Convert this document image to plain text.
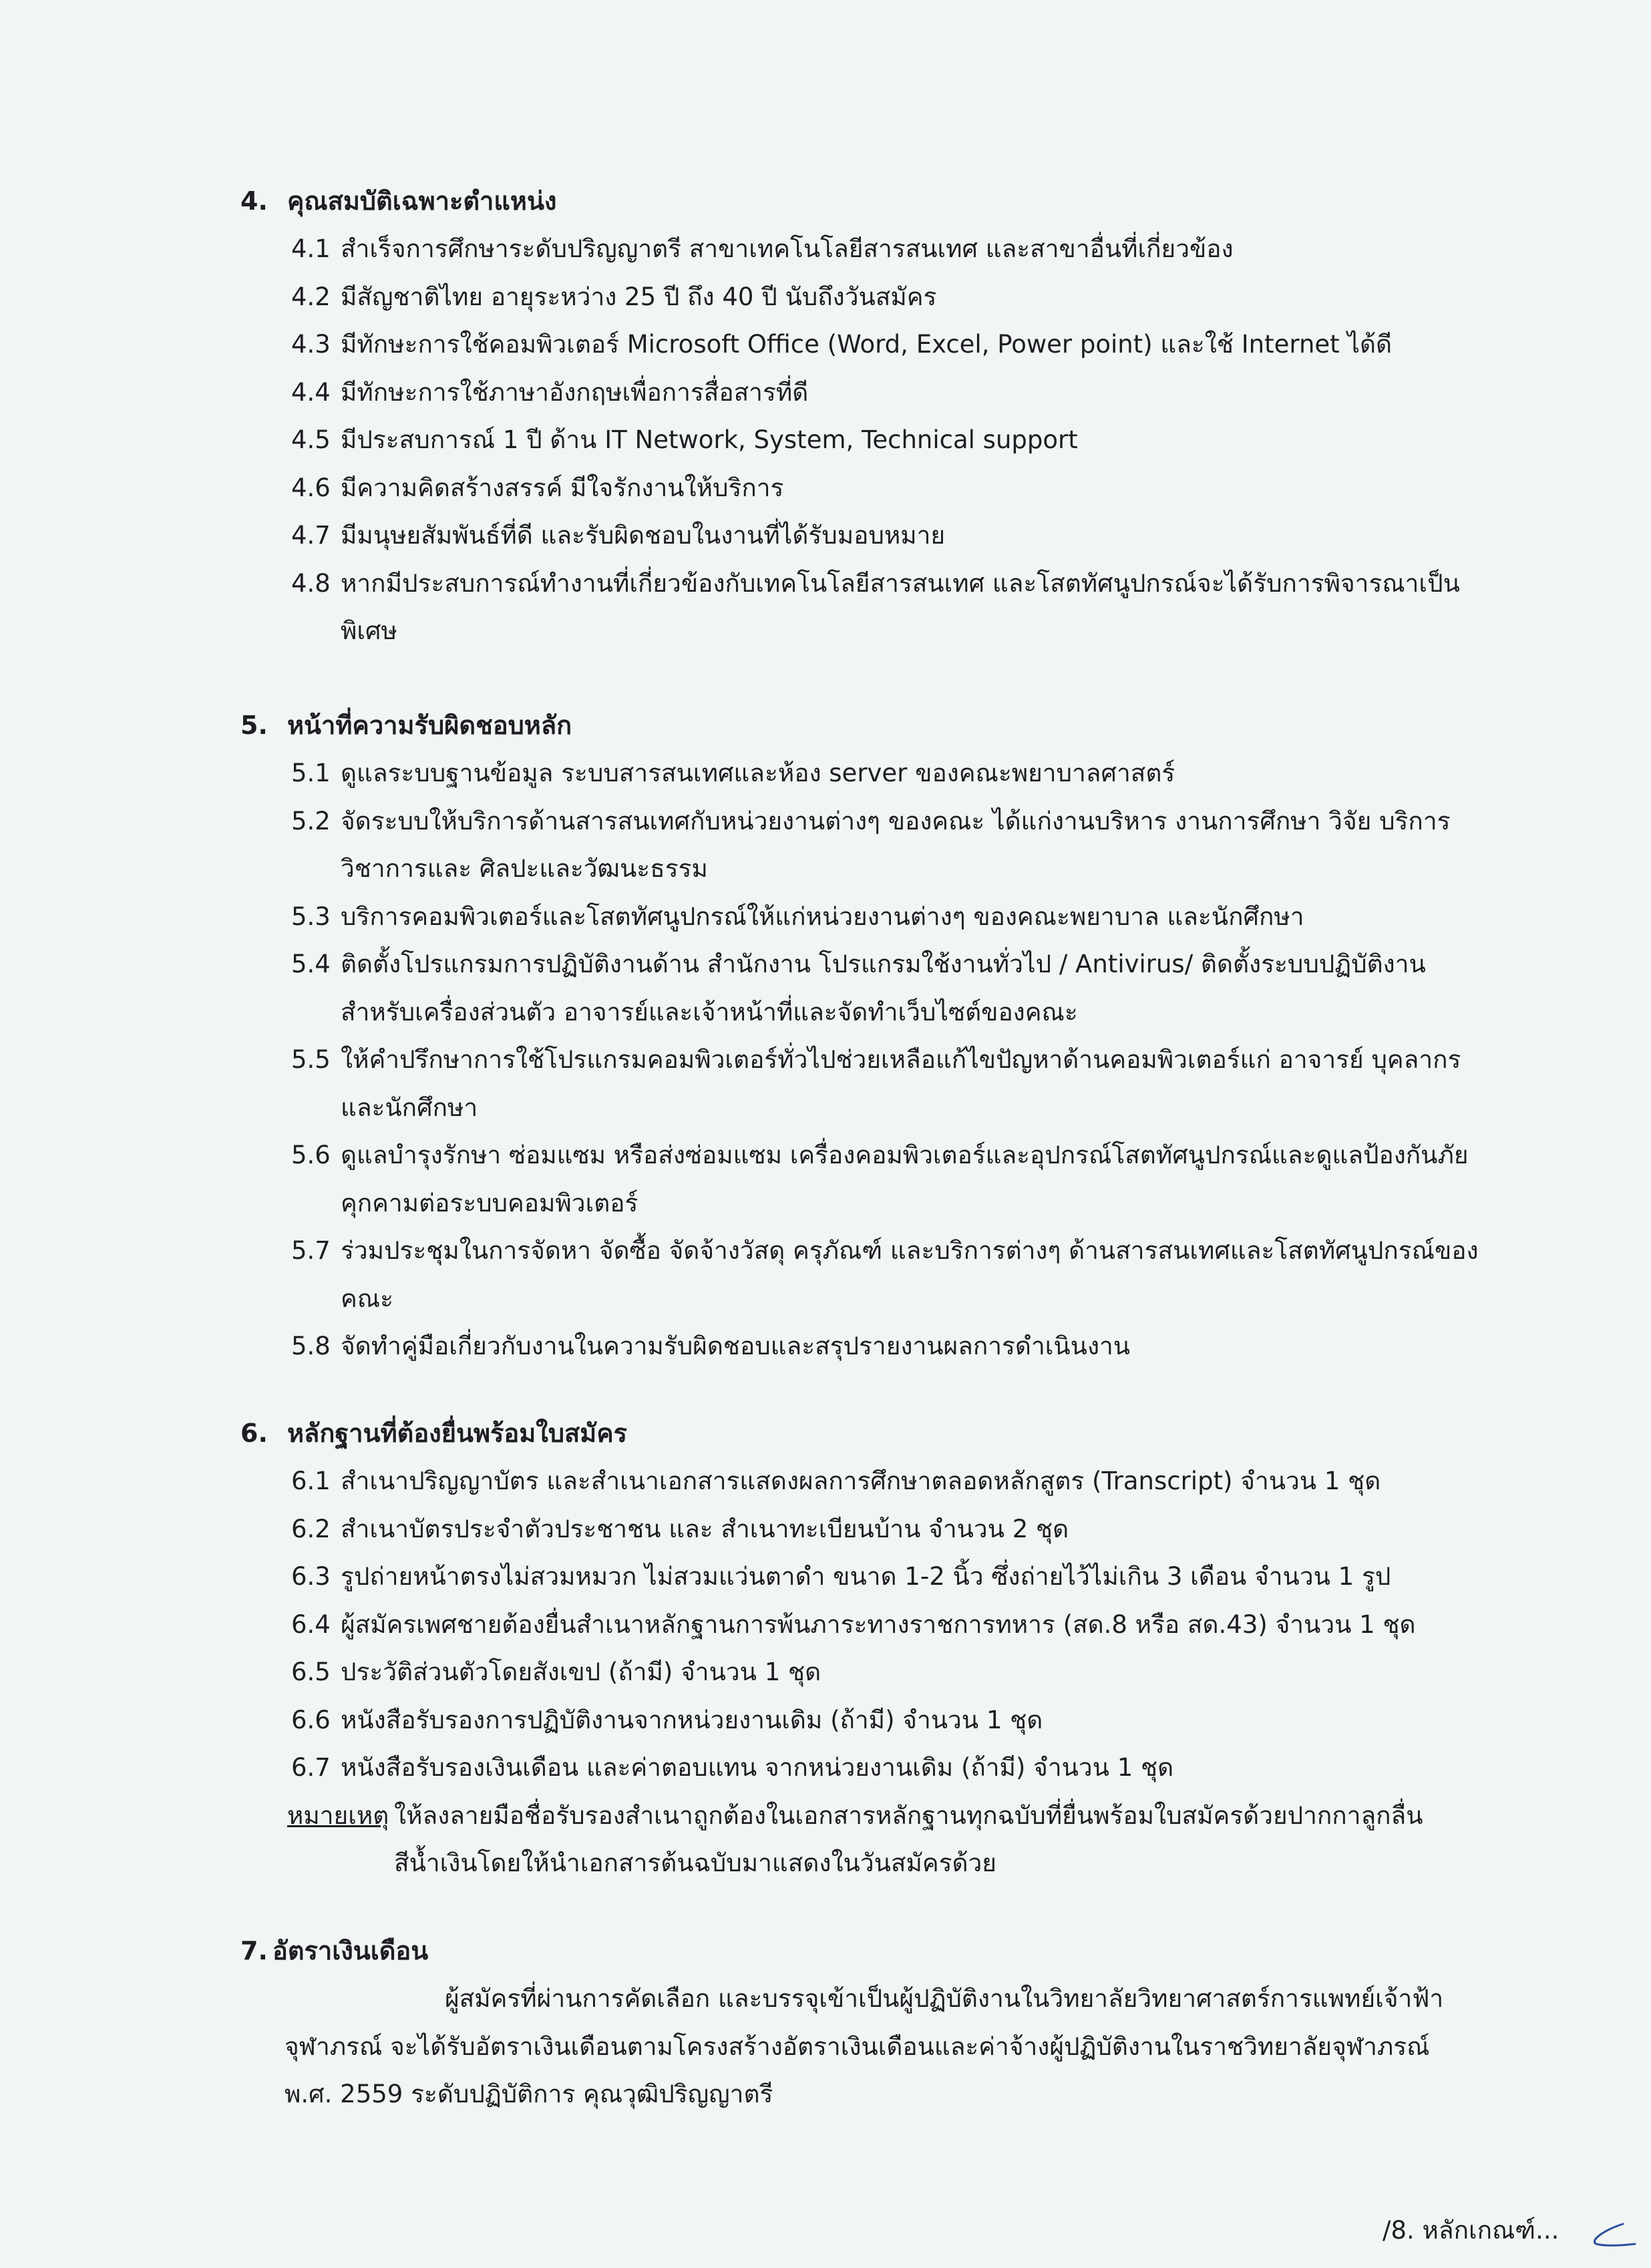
4. คุณสมบัติเฉพาะตำแหน่ง
4.1 สำเร็จการศึกษาระดับปริญญาตรี สาขาเทคโนโลยีสารสนเทศ และสาขาอื่นที่เกี่ยวข้อง
4.2 มีสัญชาติไทย อายุระหว่าง 25 ปี ถึง 40 ปี นับถึงวันสมัคร
4.3 มีทักษะการใช้คอมพิวเตอร์ Microsoft Office (Word, Excel, Power point) และใช้ Internet ได้ดี
4.4 มีทักษะการใช้ภาษาอังกฤษเพื่อการสื่อสารที่ดี
4.5 มีประสบการณ์ 1 ปี ด้าน IT Network, System, Technical support
4.6 มีความคิดสร้างสรรค์ มีใจรักงานให้บริการ
4.7 มีมนุษยสัมพันธ์ที่ดี และรับผิดชอบในงานที่ได้รับมอบหมาย
4.8 หากมีประสบการณ์ทำงานที่เกี่ยวข้องกับเทคโนโลยีสารสนเทศ และโสตทัศนูปกรณ์จะได้รับการพิจารณาเป็นพิเศษ
5. หน้าที่ความรับผิดชอบหลัก
5.1 ดูแลระบบฐานข้อมูล ระบบสารสนเทศและห้อง server ของคณะพยาบาลศาสตร์
5.2 จัดระบบให้บริการด้านสารสนเทศกับหน่วยงานต่างๆ ของคณะ ได้แก่งานบริหาร งานการศึกษา วิจัย บริการวิชาการและ ศิลปะและวัฒนะธรรม
5.3 บริการคอมพิวเตอร์และโสตทัศนูปกรณ์ให้แก่หน่วยงานต่างๆ ของคณะพยาบาล และนักศึกษา
5.4 ติดตั้งโปรแกรมการปฏิบัติงานด้าน สำนักงาน โปรแกรมใช้งานทั่วไป / Antivirus/ ติดตั้งระบบปฏิบัติงานสำหรับเครื่องส่วนตัว อาจารย์และเจ้าหน้าที่และจัดทำเว็บไซต์ของคณะ
5.5 ให้คำปรึกษาการใช้โปรแกรมคอมพิวเตอร์ทั่วไปช่วยเหลือแก้ไขปัญหาด้านคอมพิวเตอร์แก่ อาจารย์ บุคลากร และนักศึกษา
5.6 ดูแลบำรุงรักษา ซ่อมแซม หรือส่งซ่อมแซม เครื่องคอมพิวเตอร์และอุปกรณ์โสตทัศนูปกรณ์และดูแลป้องกันภัยคุกคามต่อระบบคอมพิวเตอร์
5.7 ร่วมประชุมในการจัดหา จัดซื้อ จัดจ้างวัสดุ ครุภัณฑ์ และบริการต่างๆ ด้านสารสนเทศและโสตทัศนูปกรณ์ของคณะ
5.8 จัดทำคู่มือเกี่ยวกับงานในความรับผิดชอบและสรุปรายงานผลการดำเนินงาน
6. หลักฐานที่ต้องยื่นพร้อมใบสมัคร
6.1 สำเนาปริญญาบัตร และสำเนาเอกสารแสดงผลการศึกษาตลอดหลักสูตร (Transcript) จำนวน 1 ชุด
6.2 สำเนาบัตรประจำตัวประชาชน และ สำเนาทะเบียนบ้าน จำนวน 2 ชุด
6.3 รูปถ่ายหน้าตรงไม่สวมหมวก ไม่สวมแว่นตาดำ ขนาด 1-2 นิ้ว ซึ่งถ่ายไว้ไม่เกิน 3 เดือน จำนวน 1 รูป
6.4 ผู้สมัครเพศชายต้องยื่นสำเนาหลักฐานการพ้นภาระทางราชการทหาร (สด.8 หรือ สด.43) จำนวน 1 ชุด
6.5 ประวัติส่วนตัวโดยสังเขป (ถ้ามี) จำนวน 1 ชุด
6.6 หนังสือรับรองการปฏิบัติงานจากหน่วยงานเดิม (ถ้ามี) จำนวน 1 ชุด
6.7 หนังสือรับรองเงินเดือน และค่าตอบแทน จากหน่วยงานเดิม (ถ้ามี) จำนวน 1 ชุด
หมายเหตุ ให้ลงลายมือชื่อรับรองสำเนาถูกต้องในเอกสารหลักฐานทุกฉบับที่ยื่นพร้อมใบสมัครด้วยปากกาลูกลื่นสีน้ำเงินโดยให้นำเอกสารต้นฉบับมาแสดงในวันสมัครด้วย
7. อัตราเงินเดือน
ผู้สมัครที่ผ่านการคัดเลือก และบรรจุเข้าเป็นผู้ปฏิบัติงานในวิทยาลัยวิทยาศาสตร์การแพทย์เจ้าฟ้าจุฬาภรณ์ จะได้รับอัตราเงินเดือนตามโครงสร้างอัตราเงินเดือนและค่าจ้างผู้ปฏิบัติงานในราชวิทยาลัยจุฬาภรณ์ พ.ศ. 2559 ระดับปฏิบัติการ คุณวุฒิปริญญาตรี
/8. หลักเกณฑ์...
